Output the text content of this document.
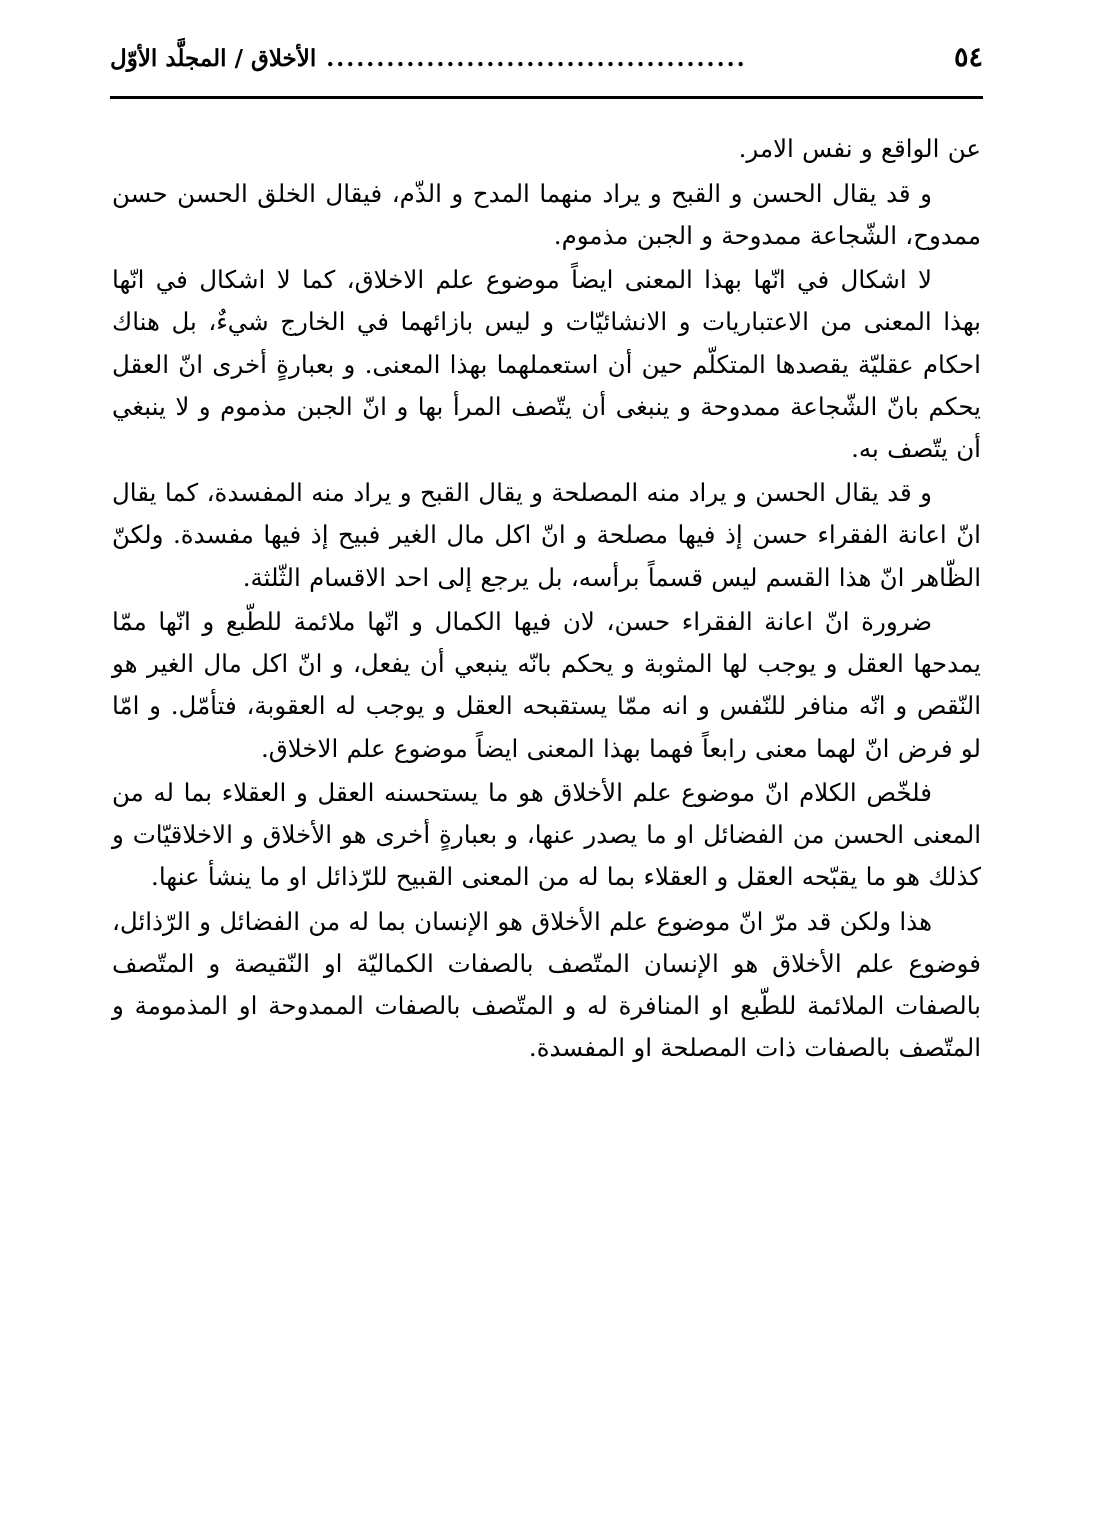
٥٤
..........................................
الأخلاق / المجلَّد الأوّل

عن الواقع و نفس الامر.

و قد يقال الحسن و القبح و يراد منهما المدح و الذّم، فيقال الخلق الحسن حسن ممدوح، الشّجاعة ممدوحة و الجبن مذموم.

لا اشكال في انّها بهذا المعنى ايضاً موضوع علم الاخلاق، كما لا اشكال في انّها بهذا المعنى من الاعتباريات و الانشائيّات و ليس بازائهما في الخارج شيءٌ، بل هناك احكام عقليّة يقصدها المتكلّم حين أن استعملهما بهذا المعنى. و بعبارةٍ أخرى انّ العقل يحكم بانّ الشّجاعة ممدوحة و ينبغى أن يتّصف المرأ بها و انّ الجبن مذموم و لا ينبغي أن يتّصف به.

و قد يقال الحسن و يراد منه المصلحة و يقال القبح و يراد منه المفسدة، كما يقال انّ اعانة الفقراء حسن إذ فيها مصلحة و انّ اكل مال الغير فبيح إذ فيها مفسدة. ولكنّ الظّاهر انّ هذا القسم ليس قسماً برأسه، بل يرجع إلى احد الاقسام الثّلثة.

ضرورة انّ اعانة الفقراء حسن، لان فيها الكمال و انّها ملائمة للطّبع و انّها ممّا يمدحها العقل و يوجب لها المثوبة و يحكم بانّه ينبعي أن يفعل، و انّ اكل مال الغير هو النّقص و انّه منافر للنّفس و انه ممّا يستقبحه العقل و يوجب له العقوبة، فتأمّل. و امّا لو فرض انّ لهما معنى رابعاً فهما بهذا المعنى ايضاً موضوع علم الاخلاق.

فلخّص الكلام انّ موضوع علم الأخلاق هو ما يستحسنه العقل و العقلاء بما له من المعنى الحسن من الفضائل او ما يصدر عنها، و بعبارةٍ أخرى هو الأخلاق و الاخلاقيّات و كذلك هو ما يقبّحه العقل و العقلاء بما له من المعنى القبيح للرّذائل او ما ينشأ عنها.

هذا ولكن قد مرّ انّ موضوع علم الأخلاق هو الإنسان بما له من الفضائل و الرّذائل، فوضوع علم الأخلاق هو الإنسان المتّصف بالصفات الكماليّة او النّقيصة و المتّصف بالصفات الملائمة للطّبع او المنافرة له و المتّصف بالصفات الممدوحة او المذمومة و المتّصف بالصفات ذات المصلحة او المفسدة.
